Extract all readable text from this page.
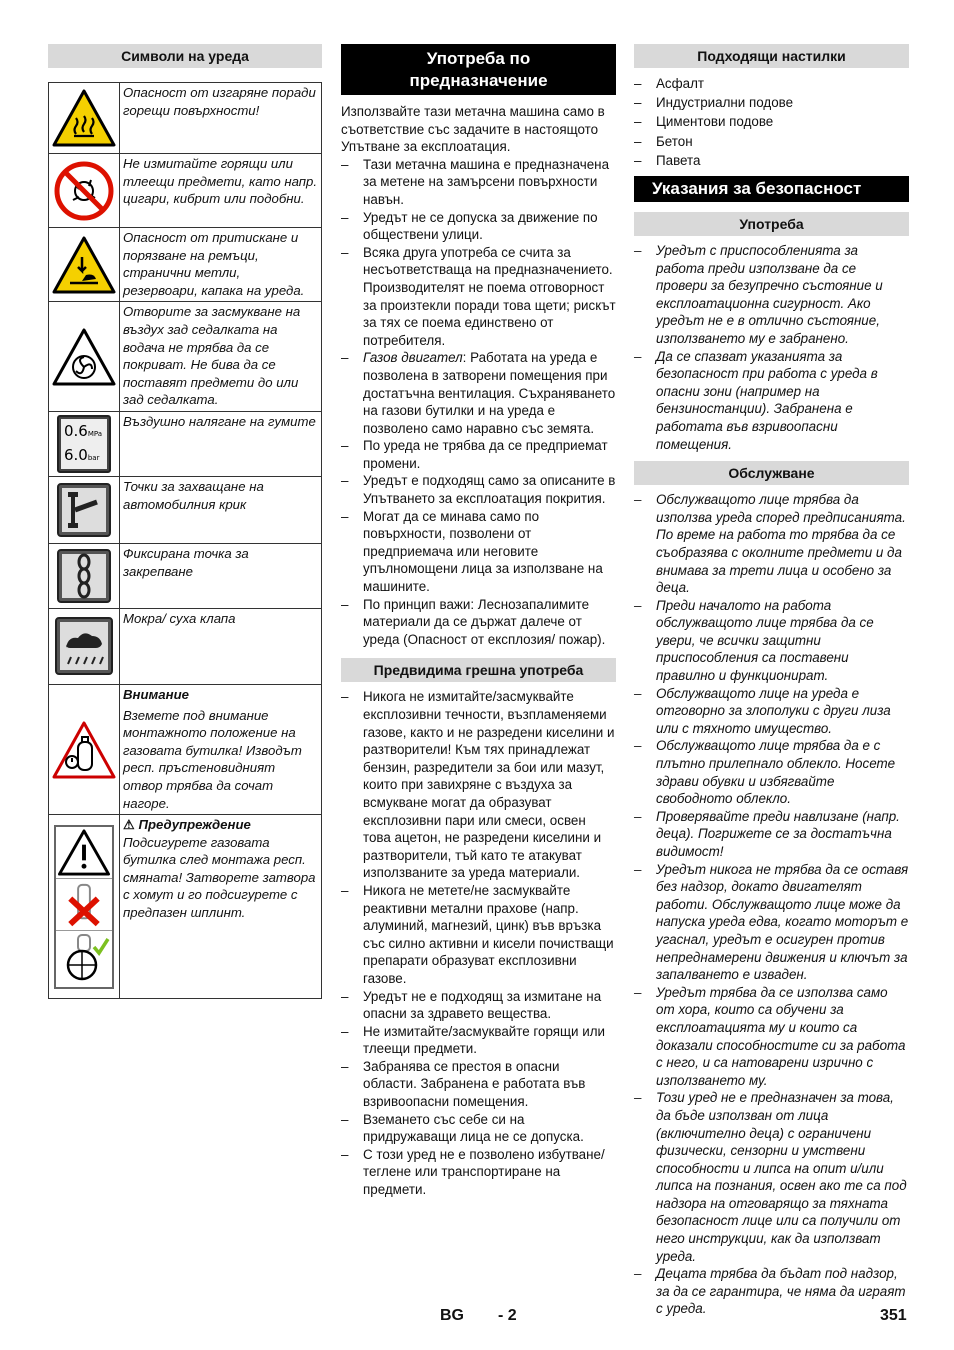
Символи на уреда
	Опасност от изгаряне поради горещи повърхности!

	Не измитайте горящи или тлеещи предмети, като напр. цигари, кибрит или подобни.

	Опасност от притискане и порязване на ремъци, странични метли, резервоари, капака на уреда.

	Отворите за засмукване на въздух зад седалката на водача не трябва да се покриват. Не бива да се поставят предмети до или зад седалката.

0.6MPa
6.0bar	Въздушно налягане на гумите

	Точки за захващане на автомобилния крик

	Фиксирана точка за закрепване

	Мокра/ суха клапа

Внимание
Вземете под внимание монтажното положение на газовата бутилка! Изводът респ. пръстеновидният отвор трябва да сочат нагоре.

⚠ Предупреждение
Подсигурете газовата бутилка след монтажа респ. смяната! Затворете затвора с хомут и го подсигурете с предпазен шплинт.
Употреба по предназначение

Използвайте тази метачна машина само в съответствие със задачите в настоящото Упътване за експлоатация.

– Тази метачна машина е предназначена за метене на замърсени повърхности навън.
– Уредът не се допуска за движение по обществени улици.
– Всяка друга употреба се счита за несъответстваща на предназначението. Производителят не поема отговорност за произтекли поради това щети; рискът за тях се поема единствено от потребителя.
– Газов двигател: Работата на уреда е позволена в затворени помещения при достатъчна вентилация. Съхраняването на газови бутилки и на уреда е позволено само наравно със земята.
– По уреда не трябва да се предприемат промени.
– Уредът е подходящ само за описаните в Упътването за експлоатация покрития.
– Могат да се минава само по повърхности, позволени от предприемача или неговите упълномощени лица за използване на машините.
– По принцип важи: Леснозапалимите материали да се държат далече от уреда (Опасност от експлозия/ пожар).
Предвидима грешна употреба
– Никога не измитайте/засмуквайте експлозивни течности, възпламеняеми газове, както и не разредени киселини и разтворители! Към тях принадлежат бензин, разредители за бои или мазут, които при завихряне с въздуха за всмукване могат да образуват експлозивни пари или смеси, освен това ацетон, не разредени киселини и разтворители, тъй като те атакуват използваните за уреда материали.
– Никога не метете/не засмуквайте реактивни метални прахове (напр. алуминий, магнезий, цинк) във връзка със силно активни и кисели почистващи препарати образуват експлозивни газове.
– Уредът не е подходящ за измитане на опасни за здравето вещества.
– Не измитайте/засмуквайте горящи или тлеещи предмети.
– Забранява се престоя в опасни области. Забранена е работата във взривоопасни помещения.
– Вземането със себе си на придружаващи лица не се допуска.
– С този уред не е позволено избутване/теглене или транспортиране на предмети.
Подходящи настилки
– Асфалт
– Индустриални подове
– Циментови подове
– Бетон
– Павета
Указания за безопасност
Употреба
– Уредът с приспособленията за работа преди използване да се провери за безупречно състояние и експлоатационна сигурност. Ако уредът не е в отлично състояние, използването му е забранено.
– Да се спазват указанията за безопасност при работа с уреда в опасни зони (например на бензиностанции). Забранена е работата във взривоопасни помещения.
Обслужване
– Обслужващото лице трябва да използва уреда според предписанията. По време на работа то трябва да се съобразява с околните предмети и да внимава за трети лица и особено за деца.
– Преди началото на работа обслужващото лице трябва да се увери, че всички защитни приспособления са поставени правилно и функционират.
– Обслужващото лице на уреда е отговорно за злополуки с други лиза или с тяхното имущество.
– Обслужващото лице трябва да е с плътно прилепнало облекло. Носете здрави обувки и избягвайте свободното облекло.
– Проверявайте преди навлизане (напр. деца). Погрижете се за достатъчна видимост!
– Уредът никога не трябва да се оставя без надзор, докато двигателят работи. Обслужващото лице може да напуска уреда едва, когато моторът е угаснал, уредът е осигурен против непреднамерени движения и ключът за запалването е изваден.
– Уредът трябва да се използва само от хора, които са обучени за експлоатацията му и които са доказали способностите си за работа с него, и са натоварени изрично с използването му.
– Този уред не е предназначен за това, да бъде използван от лица (включително деца) с ограничени физически, сензорни и умствени способности и липса на опит и/или липса на познания, освен ако те са под надзора на отговарящо за тяхната безопасност лице или са получили от него инструкции, как да използват уреда.
– Децата трябва да бъдат под надзор, за да се гарантира, че няма да играят с уреда.
BG - 2	351
